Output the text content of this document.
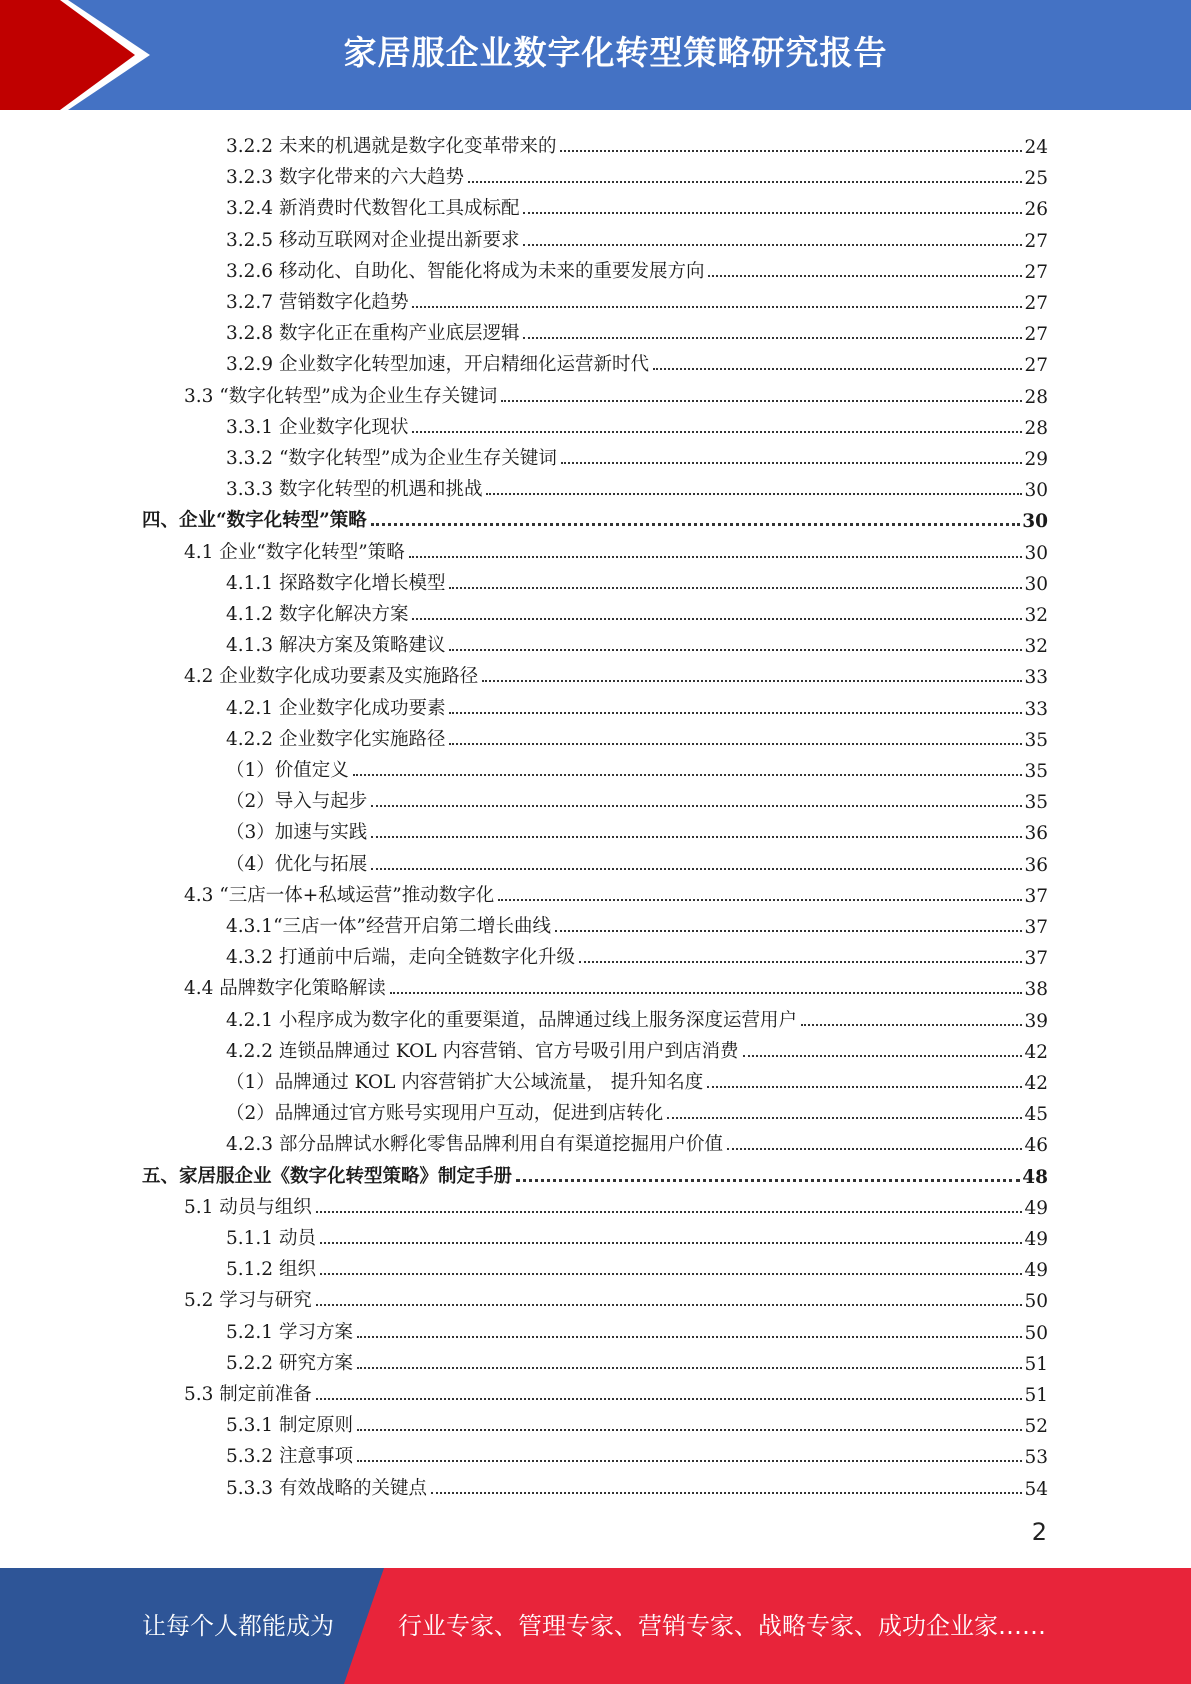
家居服企业数字化转型策略研究报告
3.2.2 未来的机遇就是数字化变革带来的	24
3.2.3 数字化带来的六大趋势	25
3.2.4 新消费时代数智化工具成标配	26
3.2.5 移动互联网对企业提出新要求	27
3.2.6 移动化、自助化、智能化将成为未来的重要发展方向	27
3.2.7 营销数字化趋势	27
3.2.8 数字化正在重构产业底层逻辑	27
3.2.9 企业数字化转型加速，开启精细化运营新时代	27
3.3 “数字化转型”成为企业生存关键词	28
3.3.1 企业数字化现状	28
3.3.2 “数字化转型”成为企业生存关键词	29
3.3.3 数字化转型的机遇和挑战	30
四、企业“数字化转型”策略	30
4.1 企业“数字化转型”策略	30
4.1.1 探路数字化增长模型	30
4.1.2 数字化解决方案	32
4.1.3 解决方案及策略建议	32
4.2 企业数字化成功要素及实施路径	33
4.2.1 企业数字化成功要素	33
4.2.2 企业数字化实施路径	35
（1）价值定义	35
（2）导入与起步	35
（3）加速与实践	36
（4）优化与拓展	36
4.3 “三店一体+私域运营”推动数字化	37
4.3.1“三店一体”经营开启第二增长曲线	37
4.3.2 打通前中后端，走向全链数字化升级	37
4.4 品牌数字化策略解读	38
4.2.1 小程序成为数字化的重要渠道，品牌通过线上服务深度运营用户	39
4.2.2 连锁品牌通过 KOL 内容营销、官方号吸引用户到店消费	42
（1）品牌通过 KOL 内容营销扩大公域流量， 提升知名度	42
（2）品牌通过官方账号实现用户互动，促进到店转化	45
4.2.3 部分品牌试水孵化零售品牌利用自有渠道挖掘用户价值	46
五、家居服企业《数字化转型策略》制定手册	48
5.1 动员与组织	49
5.1.1 动员	49
5.1.2 组织	49
5.2 学习与研究	50
5.2.1 学习方案	50
5.2.2 研究方案	51
5.3 制定前准备	51
5.3.1 制定原则	52
5.3.2 注意事项	53
5.3.3 有效战略的关键点	54
2
让每个人都能成为	行业专家、管理专家、营销专家、战略专家、成功企业家……
